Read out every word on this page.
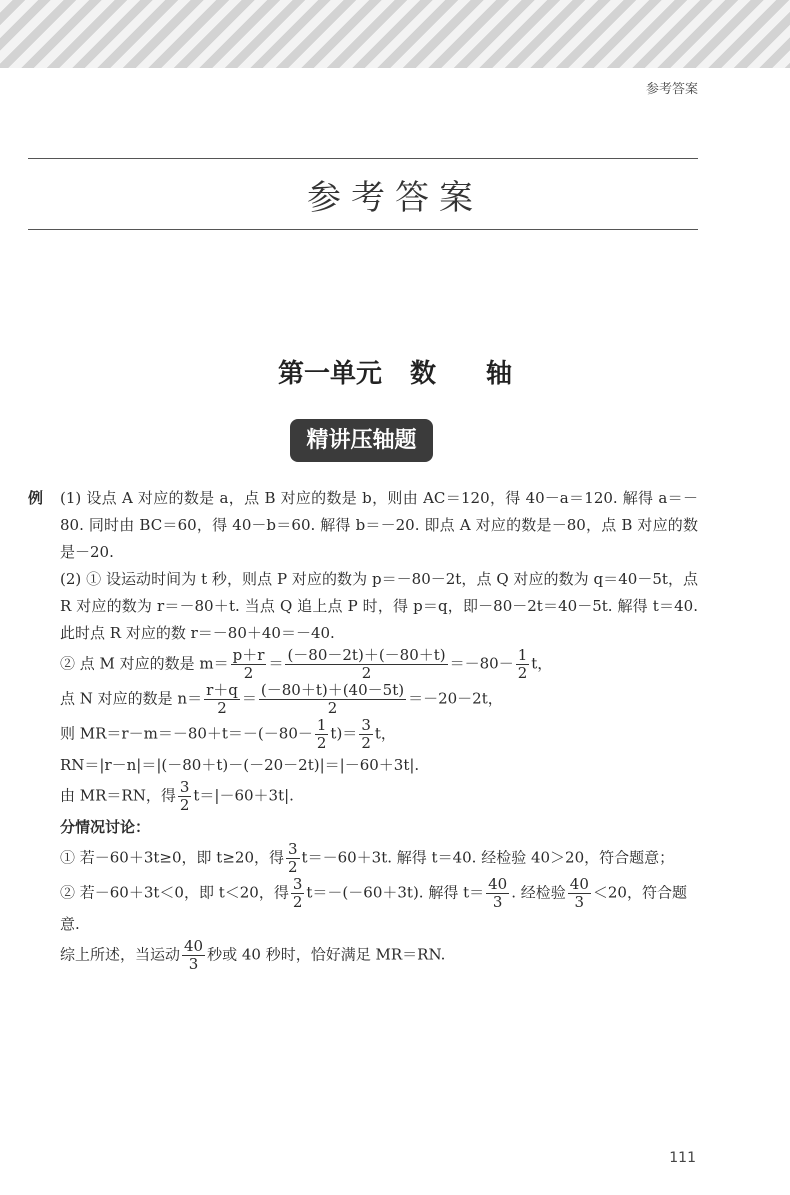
参考答案
参考答案
第一单元 数 轴
精讲压轴题
例	(1) 设点 A 对应的数是 a，点 B 对应的数是 b，则由 AC＝120，得 40－a＝120. 解得 a＝－80. 同时由 BC＝60，得 40－b＝60. 解得 b＝－20. 即点 A 对应的数是－80，点 B 对应的数是－20.

(2) ① 设运动时间为 t 秒，则点 P 对应的数为 p＝－80－2t，点 Q 对应的数为 q＝40－5t，点 R 对应的数为 r＝－80＋t. 当点 Q 追上点 P 时，得 p＝q，即－80－2t＝40－5t. 解得 t＝40. 此时点 R 对应的数 r＝－80＋40＝－40.

② 点 M 对应的数是 $m= \frac{p+r}{2} = \frac{(-80-2t)+(-80+t)}{2} =-80- \frac{1}{2}$ t，

点 N 对应的数是 $n= \frac{r+q}{2} = \frac{(-80+t)+(40-5t)}{2} =-20-2t$，

则 $MR=r-m=-80+t=-(-80- \frac{1}{2} t)= \frac{3}{2}$ t，

RN＝|r－n|＝|(－80＋t)－(－20－2t)|＝|－60＋3t|.

由 MR＝RN，得 $\frac{3}{2} t=|-60+3t|$.

分情况讨论：

① 若－60＋3t≥0，即 t≥20，得 $\frac{3}{2} t=-60+3t$. 解得 t＝40. 经检验 40＞20，符合题意；

② 若－60＋3t＜0，即 t＜20，得 $\frac{3}{2} t=-(-60+3t)$. 解得 $t= \frac{40}{3}$ . 经检验 $\frac{40}{3} <20$，符合题意.

综上所述，当运动 $\frac{40}{3}$ 秒或 40 秒时，恰好满足 MR＝RN.

111
